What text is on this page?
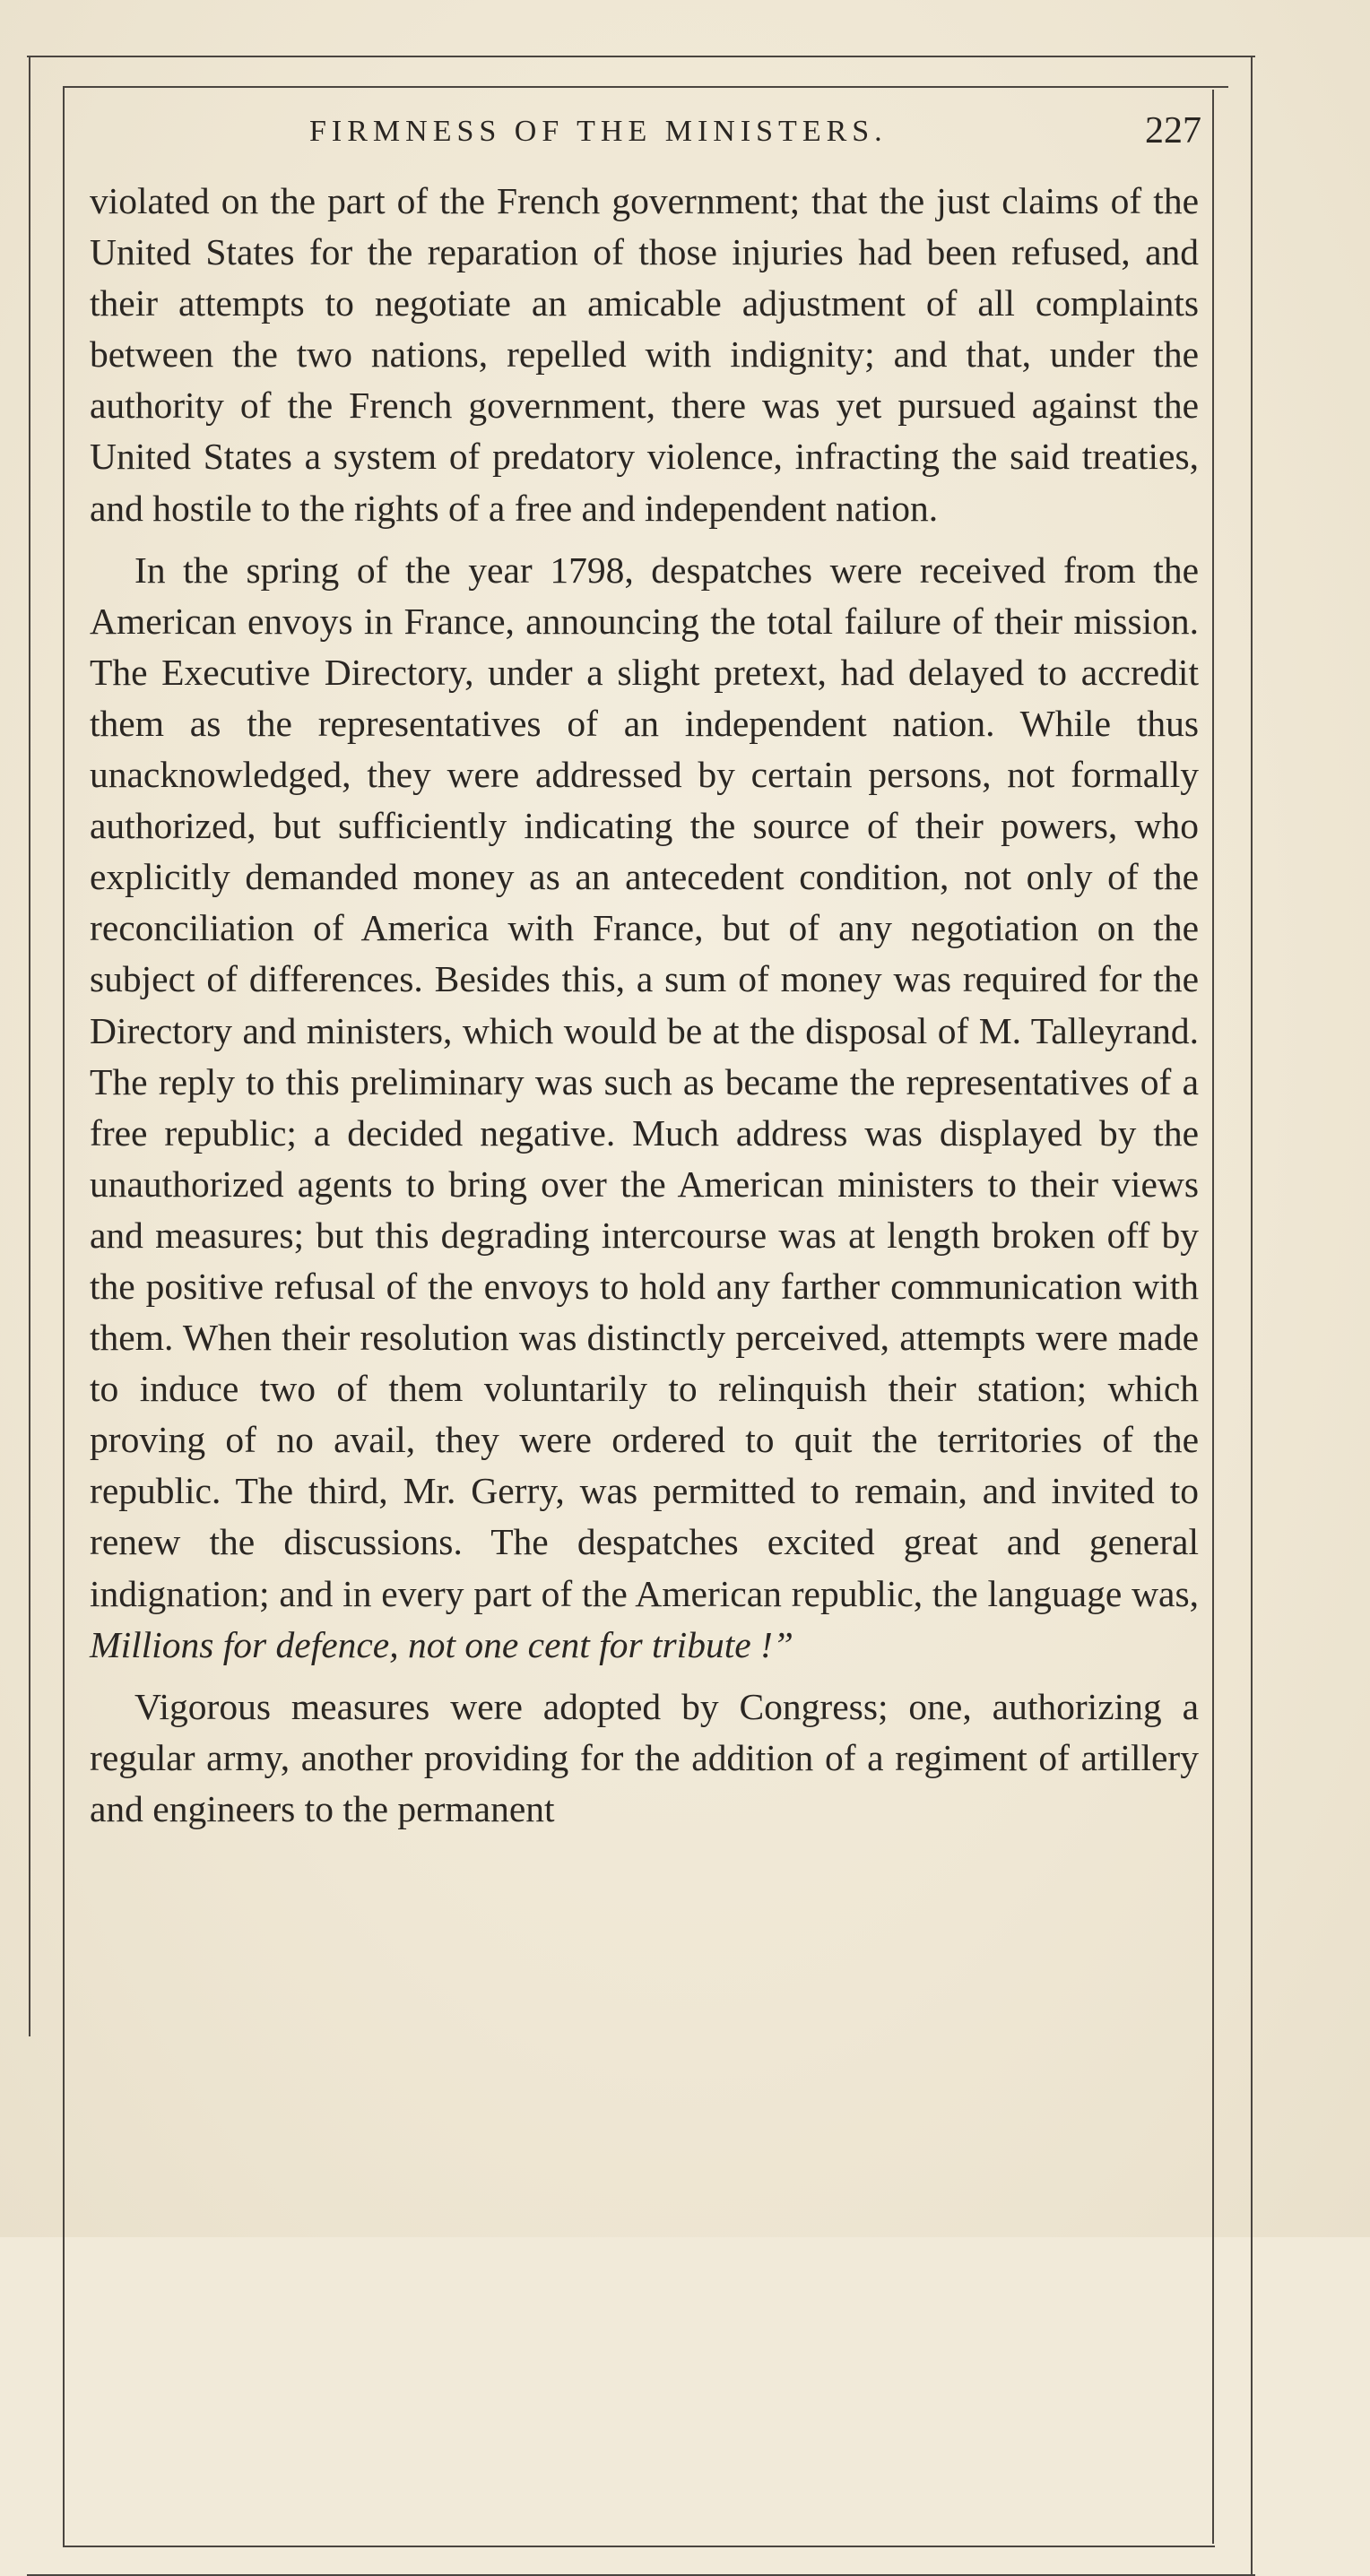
FIRMNESS OF THE MINISTERS.	227

violated on the part of the French government; that the just claims of the United States for the reparation of those injuries had been refused, and their attempts to negotiate an amicable adjustment of all complaints between the two nations, repelled with indignity; and that, under the authority of the French government, there was yet pursued against the United States a system of predatory violence, infracting the said treaties, and hostile to the rights of a free and independent nation.

In the spring of the year 1798, despatches were received from the American envoys in France, announcing the total failure of their mission. The Executive Directory, under a slight pretext, had delayed to accredit them as the representatives of an independent nation. While thus unacknowledged, they were addressed by certain persons, not formally authorized, but sufficiently indicating the source of their powers, who explicitly demanded money as an antecedent condition, not only of the reconciliation of America with France, but of any negotiation on the subject of differences. Besides this, a sum of money was required for the Directory and ministers, which would be at the disposal of M. Talleyrand. The reply to this preliminary was such as became the representatives of a free republic; a decided negative. Much address was displayed by the unauthorized agents to bring over the American ministers to their views and measures; but this degrading intercourse was at length broken off by the positive refusal of the envoys to hold any farther communication with them. When their resolution was distinctly perceived, attempts were made to induce two of them voluntarily to relinquish their station; which proving of no avail, they were ordered to quit the territories of the republic. The third, Mr. Gerry, was permitted to remain, and invited to renew the discussions. The despatches excited great and general indignation; and in every part of the American republic, the language was, Millions for defence, not one cent for tribute !”

Vigorous measures were adopted by Congress; one, authorizing a regular army, another providing for the addition of a regiment of artillery and engineers to the permanent
